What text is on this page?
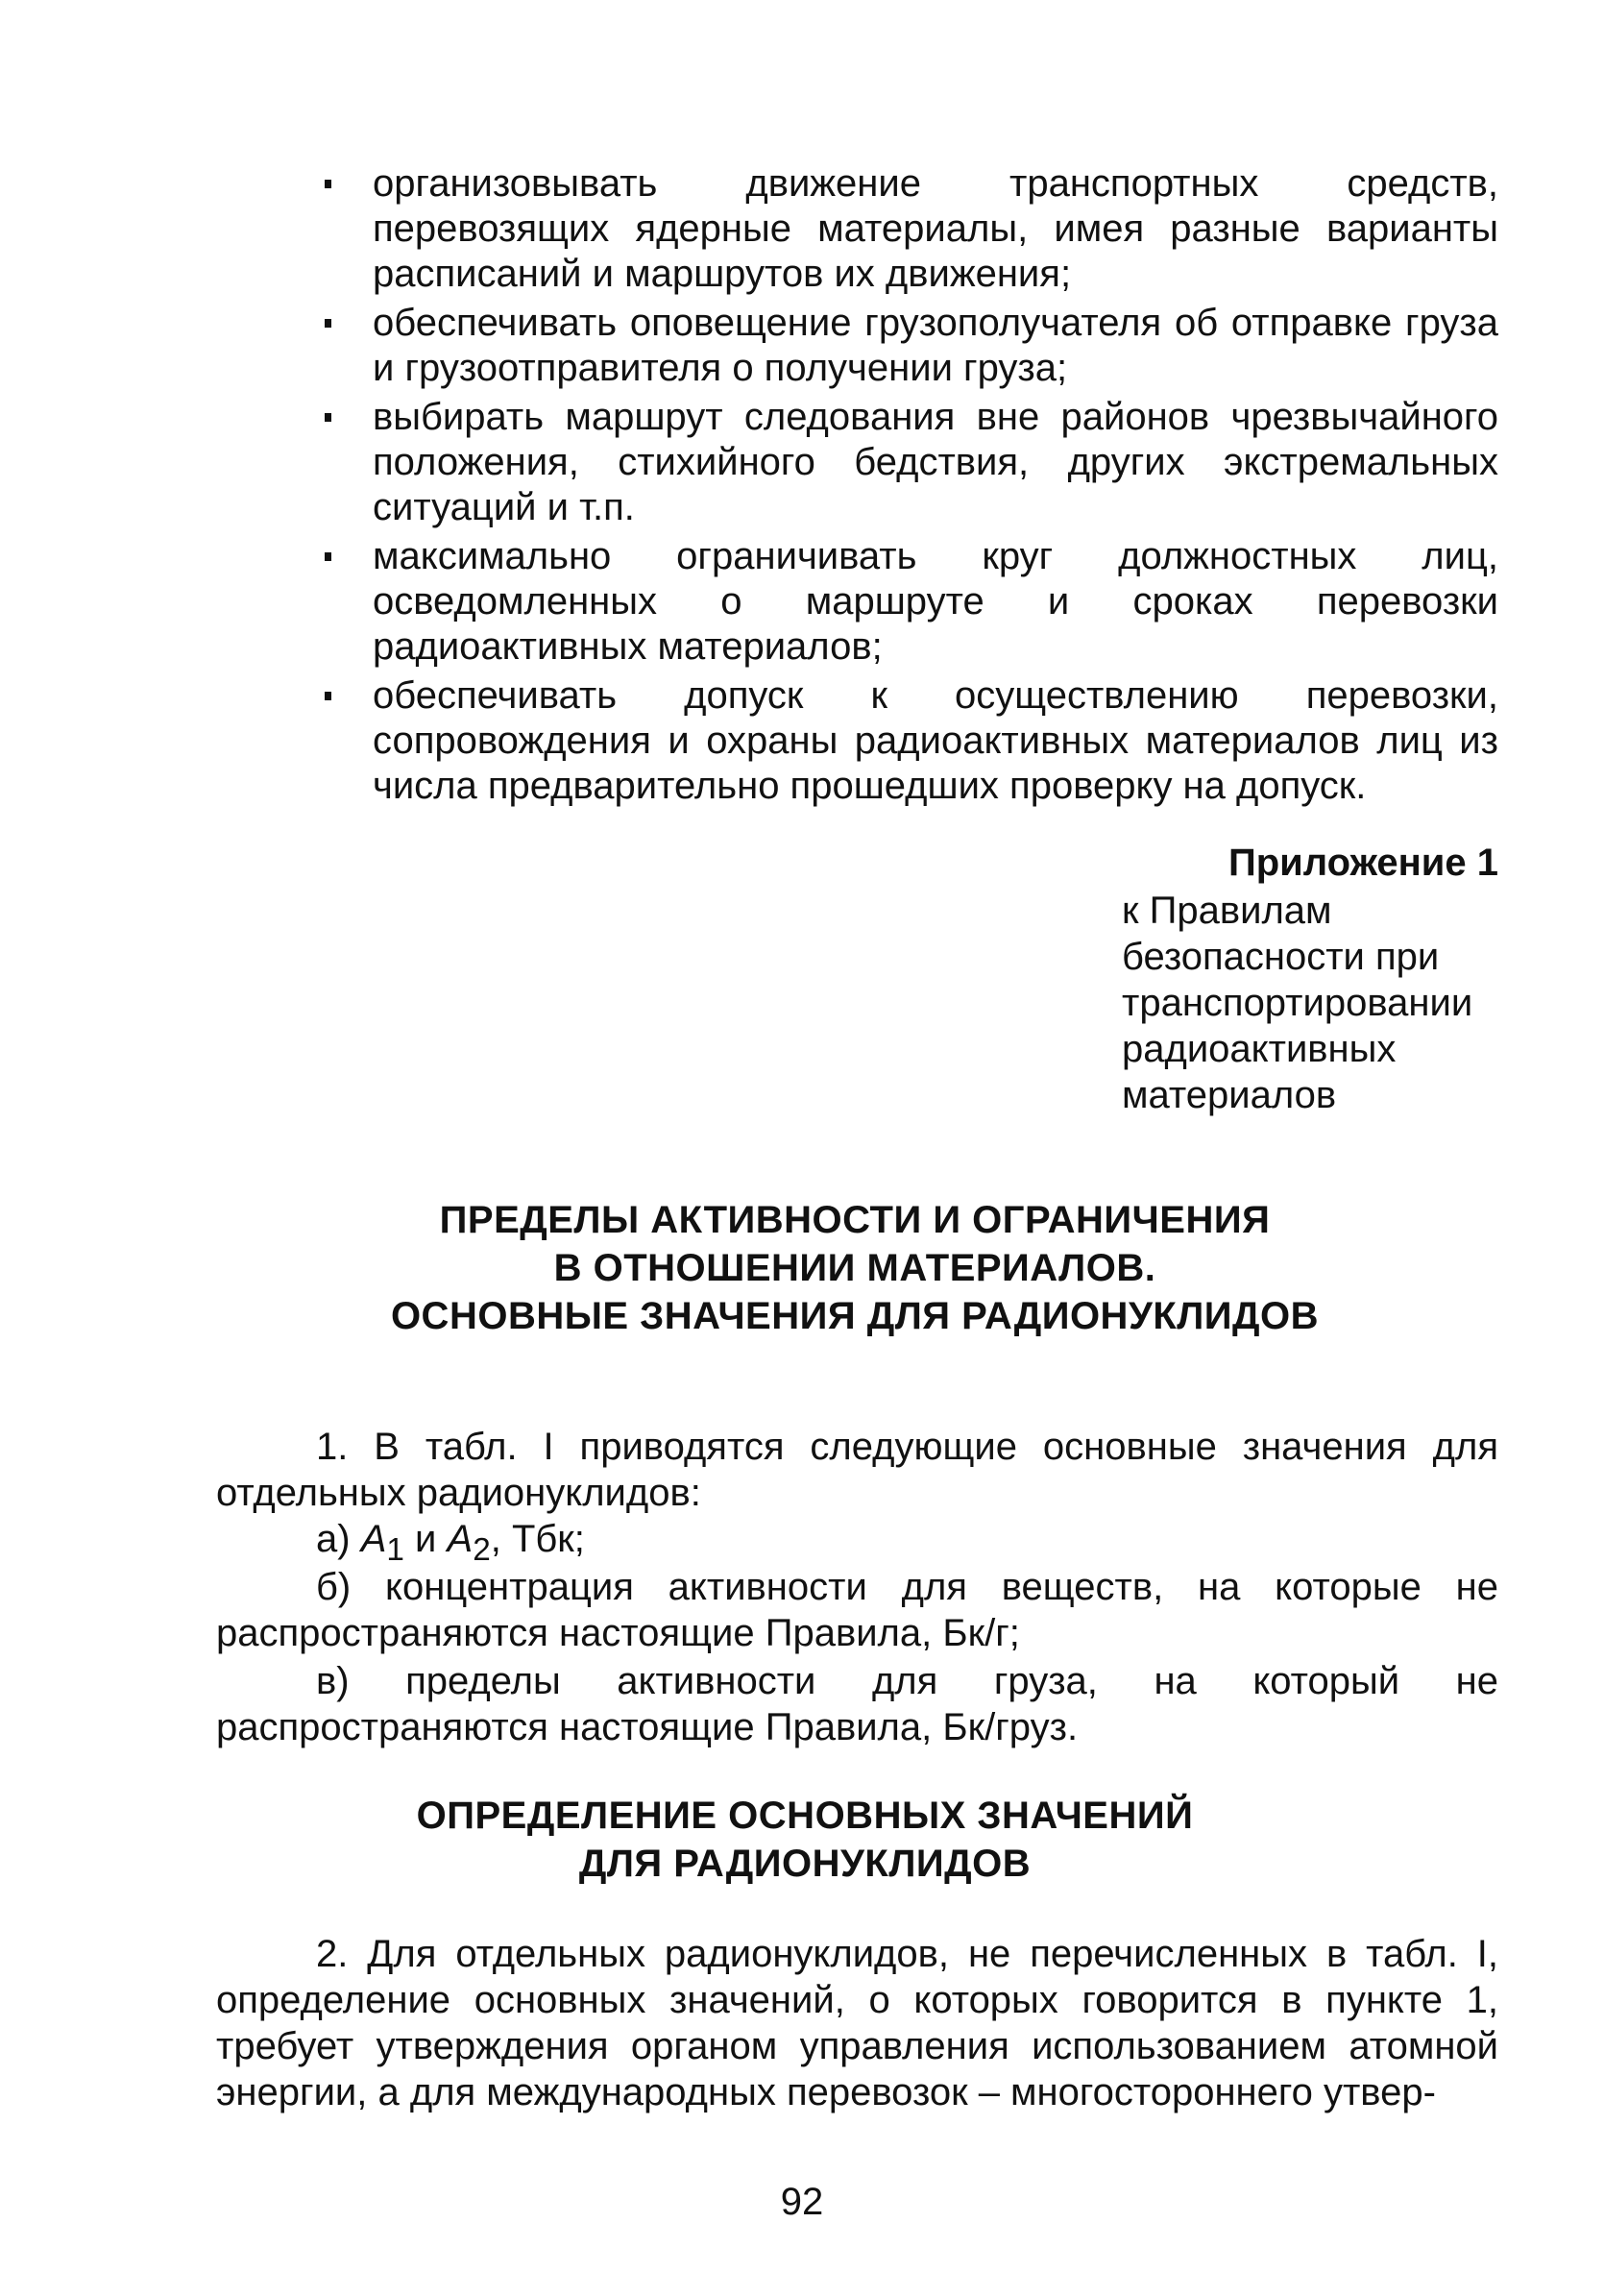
организовывать движение транспортных средств, перевозящих ядерные материалы, имея разные варианты расписаний и маршрутов их движения;
обеспечивать оповещение грузополучателя об отправке груза и грузоотправителя о получении груза;
выбирать маршрут следования вне районов чрезвычайного положения, стихийного бедствия, других экстремальных ситуаций и т.п.
максимально ограничивать круг должностных лиц, осведомленных о маршруте и сроках перевозки радиоактивных материалов;
обеспечивать допуск к осуществлению перевозки, сопровождения и охраны радиоактивных материалов лиц из числа предварительно прошедших проверку на допуск.
Приложение 1
к Правилам безопасности при транспортировании радиоактивных материалов
ПРЕДЕЛЫ АКТИВНОСТИ И ОГРАНИЧЕНИЯ
В ОТНОШЕНИИ МАТЕРИАЛОВ.
ОСНОВНЫЕ ЗНАЧЕНИЯ ДЛЯ РАДИОНУКЛИДОВ

1. В табл. I приводятся следующие основные значения для отдельных радионуклидов:

а) $A_1$ и $A_2$, Тбк;

б) концентрация активности для веществ, на которые не распространяются настоящие Правила, Бк/г;

в) пределы активности для груза, на который не распространяются настоящие Правила, Бк/груз.

ОПРЕДЕЛЕНИЕ ОСНОВНЫХ ЗНАЧЕНИЙ
ДЛЯ РАДИОНУКЛИДОВ

2. Для отдельных радионуклидов, не перечисленных в табл. I, определение основных значений, о которых говорится в пункте 1, требует утверждения органом управления использованием атомной энергии, а для международных перевозок – многостороннего утвер-

92
